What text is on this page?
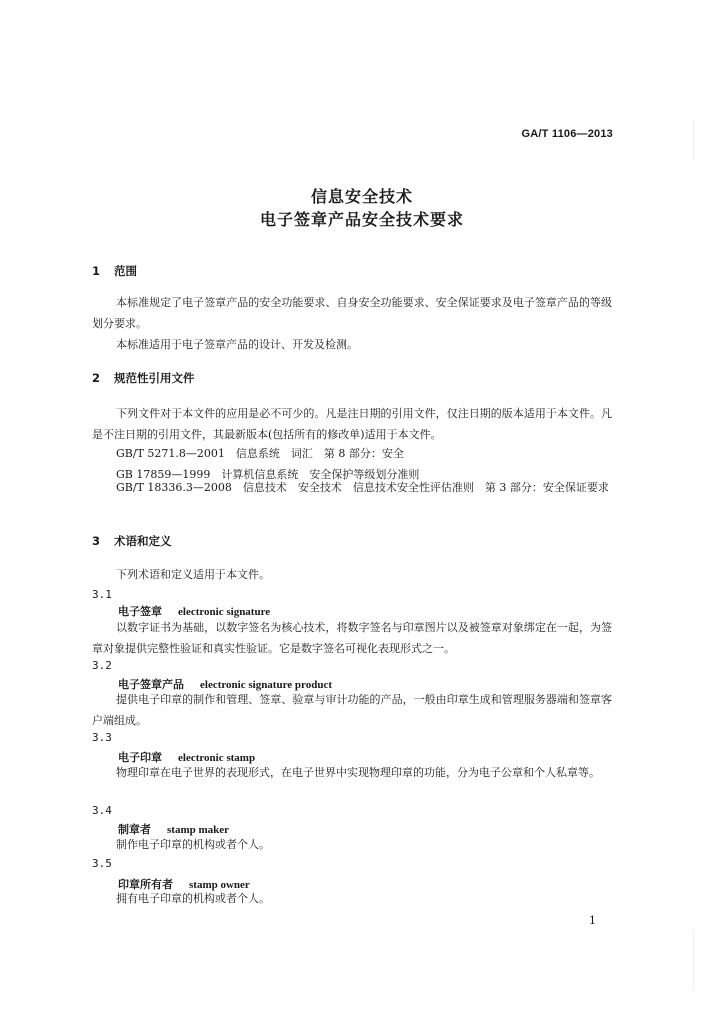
GA/T 1106—2013
信息安全技术
电子签章产品安全技术要求
1 范围
本标准规定了电子签章产品的安全功能要求、自身安全功能要求、安全保证要求及电子签章产品的等级划分要求。
本标准适用于电子签章产品的设计、开发及检测。
2 规范性引用文件
下列文件对于本文件的应用是必不可少的。凡是注日期的引用文件，仅注日期的版本适用于本文件。凡是不注日期的引用文件，其最新版本(包括所有的修改单)适用于本文件。
GB/T 5271.8—2001　信息系统　词汇　第 8 部分：安全
GB 17859—1999　计算机信息系统　安全保护等级划分准则
GB/T 18336.3—2008　信息技术　安全技术　信息技术安全性评估准则　第 3 部分：安全保证要求
3 术语和定义
下列术语和定义适用于本文件。
3.1
电子签章 electronic signature
以数字证书为基础，以数字签名为核心技术，将数字签名与印章图片以及被签章对象绑定在一起，为签章对象提供完整性验证和真实性验证。它是数字签名可视化表现形式之一。
3.2
电子签章产品 electronic signature product
提供电子印章的制作和管理、签章、验章与审计功能的产品，一般由印章生成和管理服务器端和签章客户端组成。
3.3
电子印章 electronic stamp
物理印章在电子世界的表现形式，在电子世界中实现物理印章的功能，分为电子公章和个人私章等。
3.4
制章者 stamp maker
制作电子印章的机构或者个人。
3.5
印章所有者 stamp owner
拥有电子印章的机构或者个人。
1
